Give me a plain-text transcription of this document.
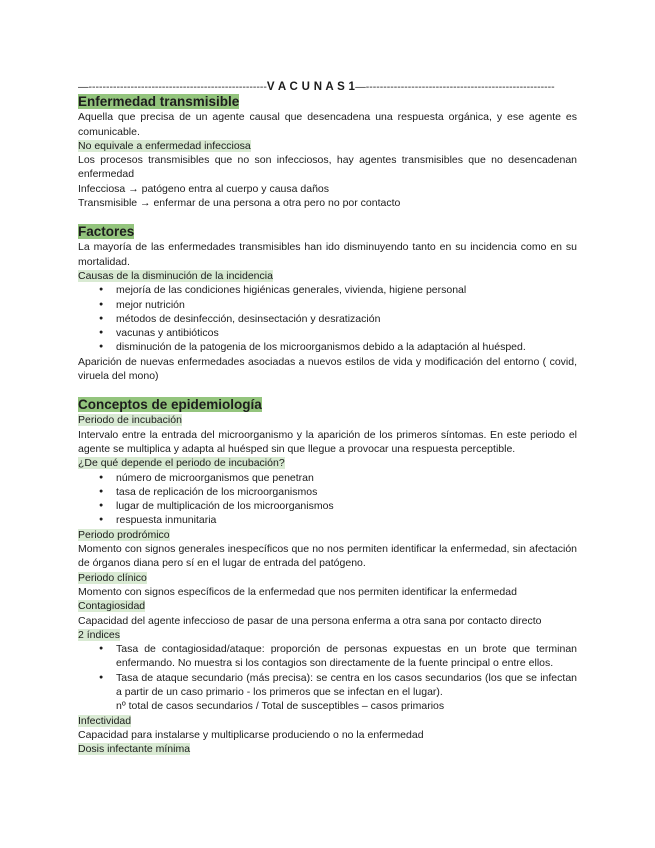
—---------------------------------------------------V A C U N A S 1—------------------------------------------------------
Enfermedad transmisible

Aquella que precisa de un agente causal que desencadena una respuesta orgánica, y ese agente es comunicable.

No equivale a enfermedad infecciosa

Los procesos transmisibles que no son infecciosos, hay agentes transmisibles que no desencadenan enfermedad

Infecciosa → patógeno entra al cuerpo y causa daños

Transmisible → enfermar de una persona a otra pero no por contacto

Factores

La mayoría de las enfermedades transmisibles han ido disminuyendo tanto en su incidencia como en su mortalidad.

Causas de la disminución de la incidencia
● mejoría de las condiciones higiénicas generales, vivienda, higiene personal
● mejor nutrición
● métodos de desinfección, desinsectación y desratización
● vacunas y antibióticos
● disminución de la patogenia de los microorganismos debido a la adaptación al huésped.

Aparición de nuevas enfermedades asociadas a nuevos estilos de vida y modificación del entorno ( covid, viruela del mono)

Conceptos de epidemiología
Periodo de incubación

Intervalo entre la entrada del microorganismo y la aparición de los primeros síntomas. En este periodo el agente se multiplica y adapta al huésped sin que llegue a provocar una respuesta perceptible.

¿De qué depende el periodo de incubación?
● número de microorganismos que penetran
● tasa de replicación de los microorganismos
● lugar de multiplicación de los microorganismos
● respuesta inmunitaria
Periodo prodrómico

Momento con signos generales inespecíficos que no nos permiten identificar la enfermedad, sin afectación de órganos diana pero sí en el lugar de entrada del patógeno.

Periodo clínico

Momento con signos específicos de la enfermedad que nos permiten identificar la enfermedad

Contagiosidad

Capacidad del agente infeccioso de pasar de una persona enferma a otra sana por contacto directo

2 índices
● Tasa de contagiosidad/ataque: proporción de personas expuestas en un brote que terminan enfermando. No muestra si los contagios son directamente de la fuente principal o entre ellos.
● Tasa de ataque secundario (más precisa): se centra en los casos secundarios (los que se infectan a partir de un caso primario - los primeros que se infectan en el lugar).
nº total de casos secundarios / Total de susceptibles – casos primarios
Infectividad

Capacidad para instalarse y multiplicarse produciendo o no la enfermedad

Dosis infectante mínima
